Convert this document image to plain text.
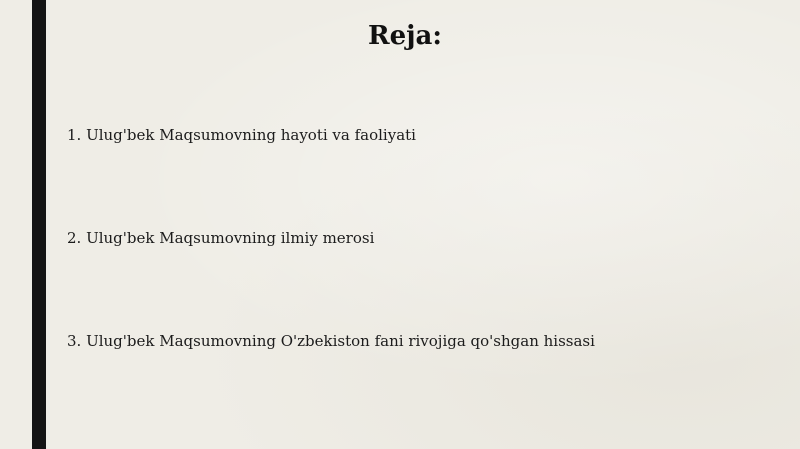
Reja:
1. Ulug'bek Maqsumovning hayoti va faoliyati
2. Ulug'bek Maqsumovning ilmiy merosi
3. Ulug'bek Maqsumovning O'zbekiston fani rivojiga qo'shgan hissasi
